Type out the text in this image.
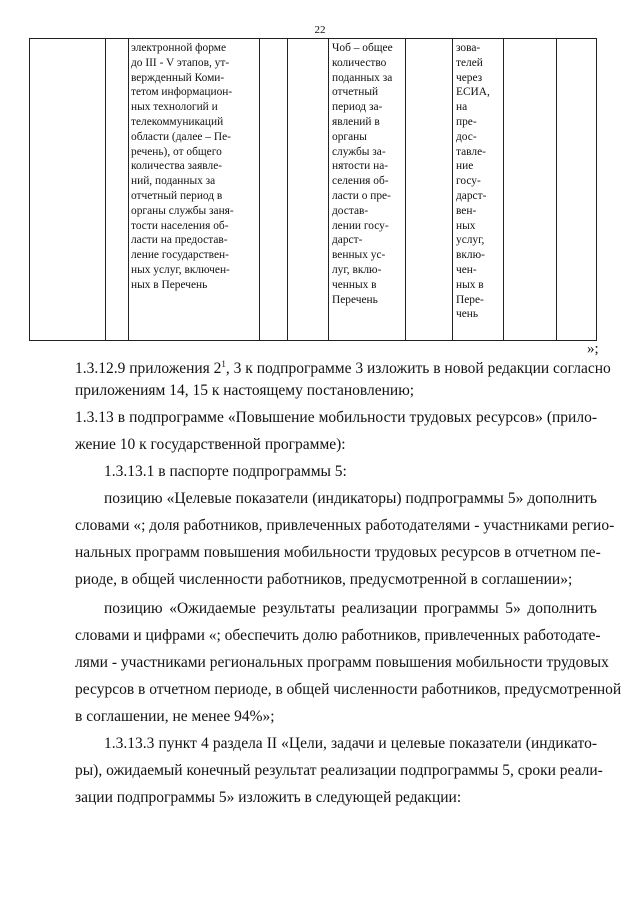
22
электронной форме
до III - V этапов, ут-
вержденный Коми-
тетом информацион-
ных технологий и
телекоммуникаций
области (далее – Пе-
речень), от общего
количества заявле-
ний, поданных за
отчетный период в
органы службы заня-
тости населения об-
ласти на предостав-
ление государствен-
ных услуг, включен-
ных в Перечень
Чоб – общее
количество
поданных за
отчетный
период за-
явлений в
органы
службы за-
нятости на-
селения об-
ласти о пре-
достав-
лении госу-
дарст-
венных ус-
луг, вклю-
ченных в
Перечень
зова-
телей
через
ЕСИА,
на
пре-
дос-
тавле-
ние
госу-
дарст-
вен-
ных
услуг,
вклю-
чен-
ных в
Пере-
чень
»;
1.3.12.9 приложения $2^1$, 3 к подпрограмме 3 изложить в новой редакции согласно
приложениям 14, 15 к настоящему постановлению;
1.3.13 в подпрограмме «Повышение мобильности трудовых ресурсов» (прило-
жение 10 к государственной программе):
1.3.13.1 в паспорте подпрограммы 5:
позицию «Целевые показатели (индикаторы) подпрограммы 5» дополнить
словами «; доля работников, привлеченных работодателями - участниками регио-
нальных программ повышения мобильности трудовых ресурсов в отчетном пе-
риоде, в общей численности работников, предусмотренной в соглашении»;
позицию «Ожидаемые результаты реализации программы 5» дополнить
словами и цифрами «; обеспечить долю работников, привлеченных работодате-
лями - участниками региональных программ повышения мобильности трудовых
ресурсов в отчетном периоде, в общей численности работников, предусмотренной
в соглашении, не менее 94%»;
1.3.13.3 пункт 4 раздела II «Цели, задачи и целевые показатели (индикато-
ры), ожидаемый конечный результат реализации подпрограммы 5, сроки реали-
зации подпрограммы 5» изложить в следующей редакции:
